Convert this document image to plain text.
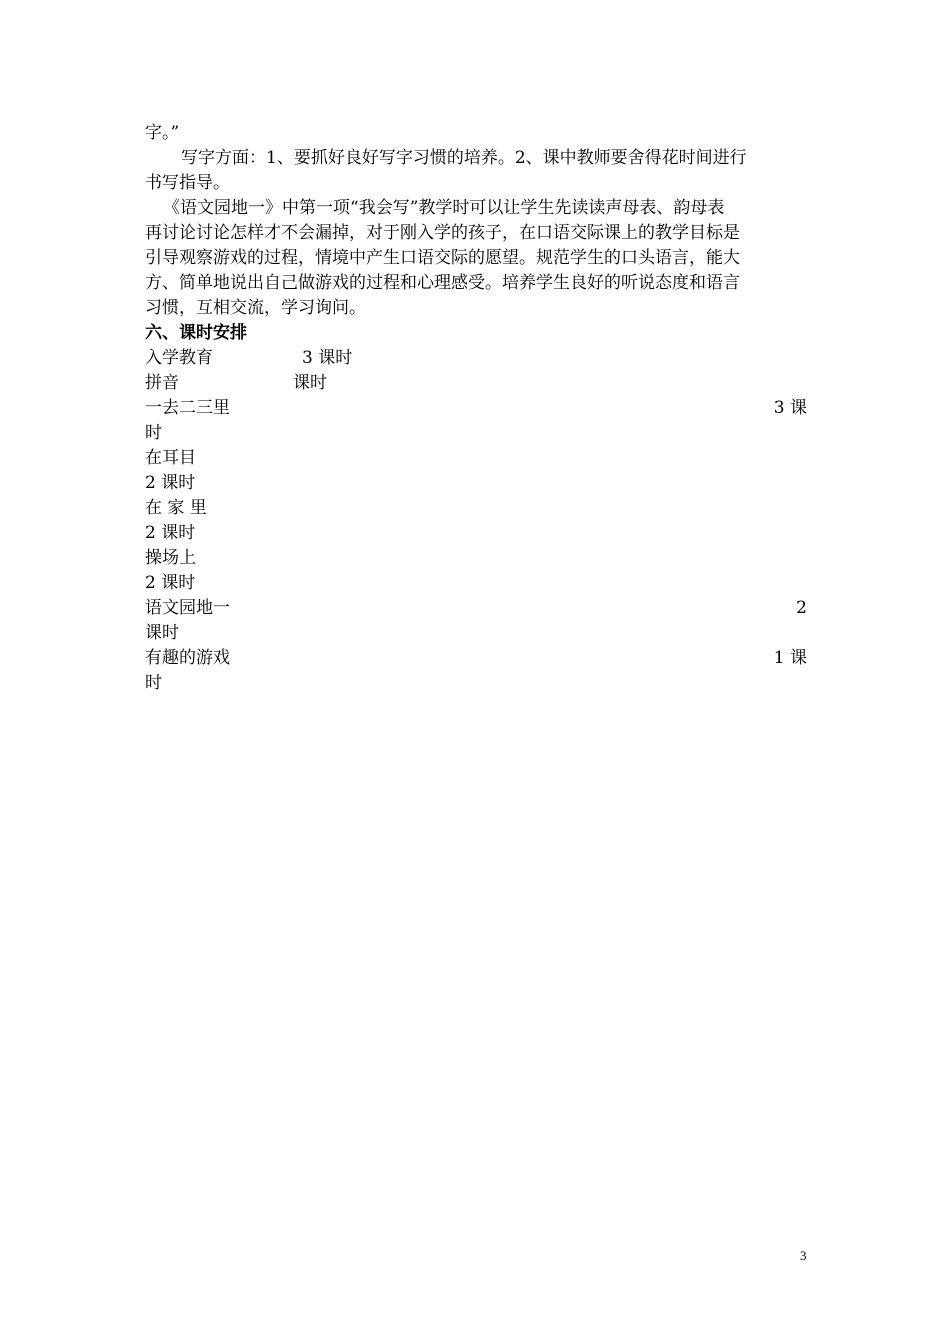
字。”
写字方面：1、要抓好良好写字习惯的培养。2、课中教师要舍得花时间进行
书写指导。
《语文园地一》中第一项“我会写”教学时可以让学生先读读声母表、韵母表
再讨论讨论怎样才不会漏掉，对于刚入学的孩子，在口语交际课上的教学目标是
引导观察游戏的过程，情境中产生口语交际的愿望。规范学生的口头语言，能大
方、简单地说出自己做游戏的过程和心理感受。培养学生良好的听说态度和语言
习惯，互相交流，学习询问。
六、课时安排
入学教育	3 课时
拼音	课时
一去二三里	3 课
时
在耳目
2 课时
在 家 里
2 课时
操场上
2 课时
语文园地一	2
课时
有趣的游戏	1 课
时
3
